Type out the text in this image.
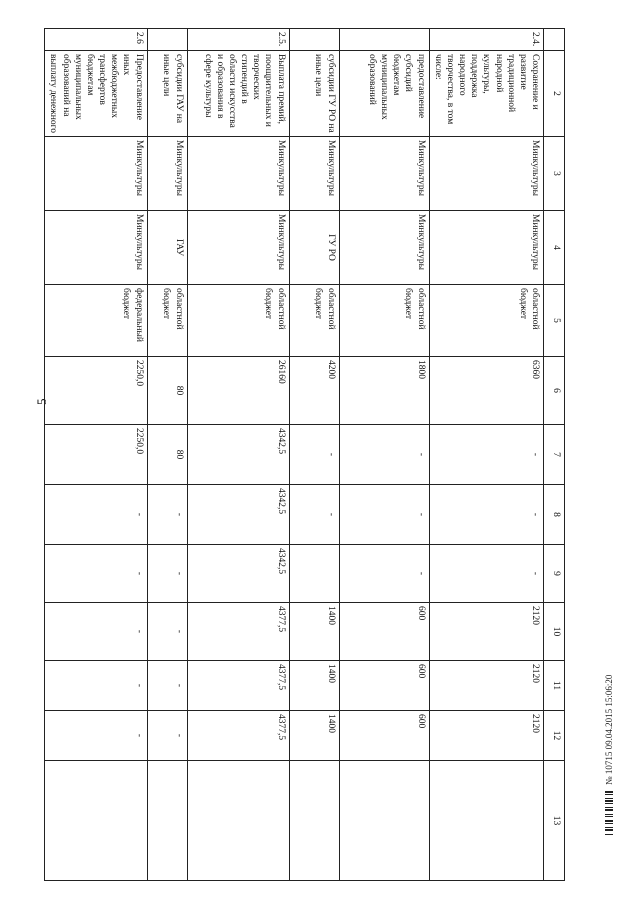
5
№ 10715 09.04.2015 15:06:20
	2	3	4	5	6	7	8	9	10	11	12	13
2.4.	Сохранение и развитие традиционной народной культуры, поддержка народного творчества, в том числе:	Минкультуры	Минкультуры	областной бюджет	6360	-	-	-	2120	2120	2120	
	предоставление субсидий бюджетам муниципальных образований	Минкультуры	Минкультуры	областной бюджет	1800	-	-	-	600	600	600	
	субсидии ГУ РО на иные цели	Минкультуры	ГУ РО	областной бюджет	4200	-	-		1400	1400	1400	
2.5.	Выплата премий, поощрительных и творческих стипендий в области искусства и образования в сфере культуры	Минкультуры	Минкультуры	областной бюджет	26160	4342,5	4342,5	4342,5	4377,5	4377,5	4377,5	
	субсидии ГАУ на иные цели	Минкультуры	ГАУ	областной бюджет	80	80	-	-	-	-	-	
2.6	Предоставление иных межбюджетных трансфертов бюджетам муниципальных образований на выплату денежного	Минкультуры	Минкультуры	федеральный бюджет	2250,0	2250,0	-	-	-	-	-	
